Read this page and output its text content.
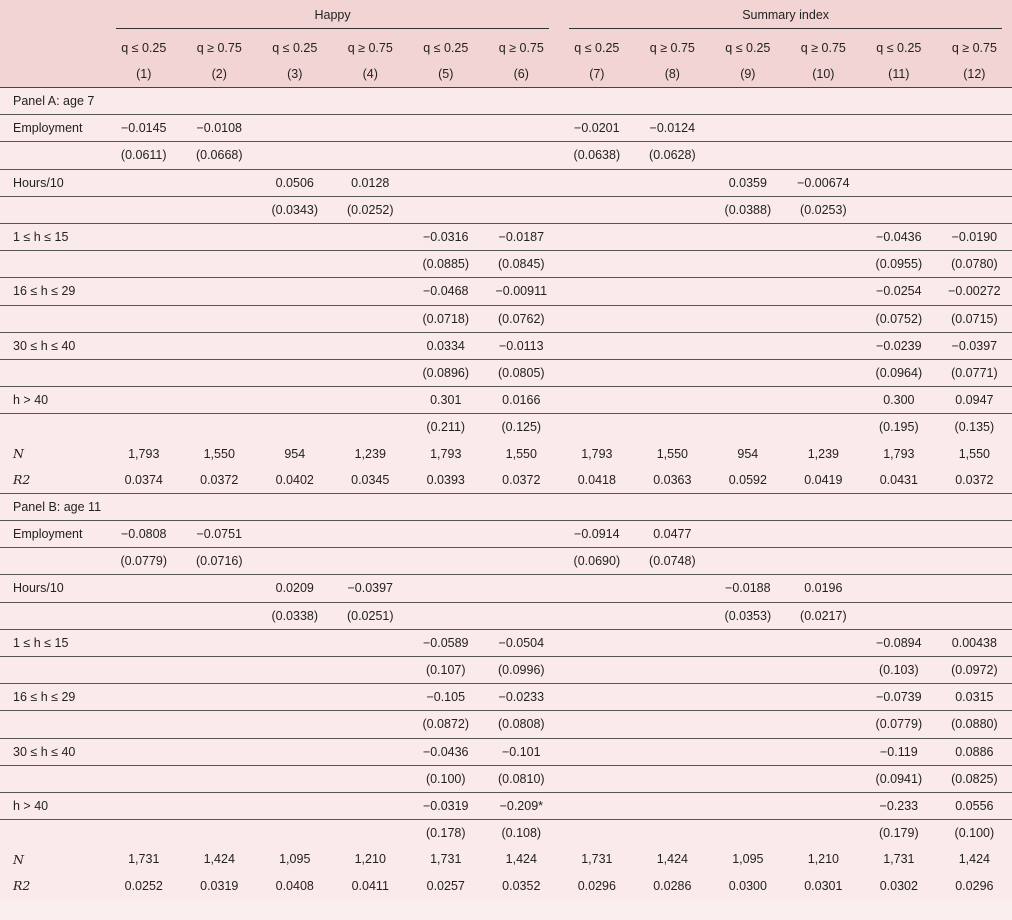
	Happy						Summary index					

	q ≤ 0.25	q ≥ 0.75	q ≤ 0.25	q ≥ 0.75	q ≤ 0.25	q ≥ 0.75	q ≤ 0.25	q ≥ 0.75	q ≤ 0.25	q ≥ 0.75	q ≤ 0.25	q ≥ 0.75
	(1)	(2)	(3)	(4)	(5)	(6)	(7)	(8)	(9)	(10)	(11)	(12)
Panel A: age 7												
Employment	−0.0145	−0.0108					−0.0201	−0.0124				
	(0.0611)	(0.0668)					(0.0638)	(0.0628)				
Hours/10			0.0506	0.0128					0.0359	−0.00674		
			(0.0343)	(0.0252)					(0.0388)	(0.0253)		
1 ≤ h ≤ 15					−0.0316	−0.0187					−0.0436	−0.0190
					(0.0885)	(0.0845)					(0.0955)	(0.0780)
16 ≤ h ≤ 29					−0.0468	−0.00911					−0.0254	−0.00272
					(0.0718)	(0.0762)					(0.0752)	(0.0715)
30 ≤ h ≤ 40					0.0334	−0.0113					−0.0239	−0.0397
					(0.0896)	(0.0805)					(0.0964)	(0.0771)
h > 40					0.301	0.0166					0.300	0.0947
					(0.211)	(0.125)					(0.195)	(0.135)
N	1,793	1,550	954	1,239	1,793	1,550	1,793	1,550	954	1,239	1,793	1,550
R2	0.0374	0.0372	0.0402	0.0345	0.0393	0.0372	0.0418	0.0363	0.0592	0.0419	0.0431	0.0372
Panel B: age 11												
Employment	−0.0808	−0.0751					−0.0914	0.0477				
	(0.0779)	(0.0716)					(0.0690)	(0.0748)				
Hours/10			0.0209	−0.0397					−0.0188	0.0196		
			(0.0338)	(0.0251)					(0.0353)	(0.0217)		
1 ≤ h ≤ 15					−0.0589	−0.0504					−0.0894	0.00438
					(0.107)	(0.0996)					(0.103)	(0.0972)
16 ≤ h ≤ 29					−0.105	−0.0233					−0.0739	0.0315
					(0.0872)	(0.0808)					(0.0779)	(0.0880)
30 ≤ h ≤ 40					−0.0436	−0.101					−0.119	0.0886
					(0.100)	(0.0810)					(0.0941)	(0.0825)
h > 40					−0.0319	−0.209*					−0.233	0.0556
					(0.178)	(0.108)					(0.179)	(0.100)
N	1,731	1,424	1,095	1,210	1,731	1,424	1,731	1,424	1,095	1,210	1,731	1,424
R2	0.0252	0.0319	0.0408	0.0411	0.0257	0.0352	0.0296	0.0286	0.0300	0.0301	0.0302	0.0296
